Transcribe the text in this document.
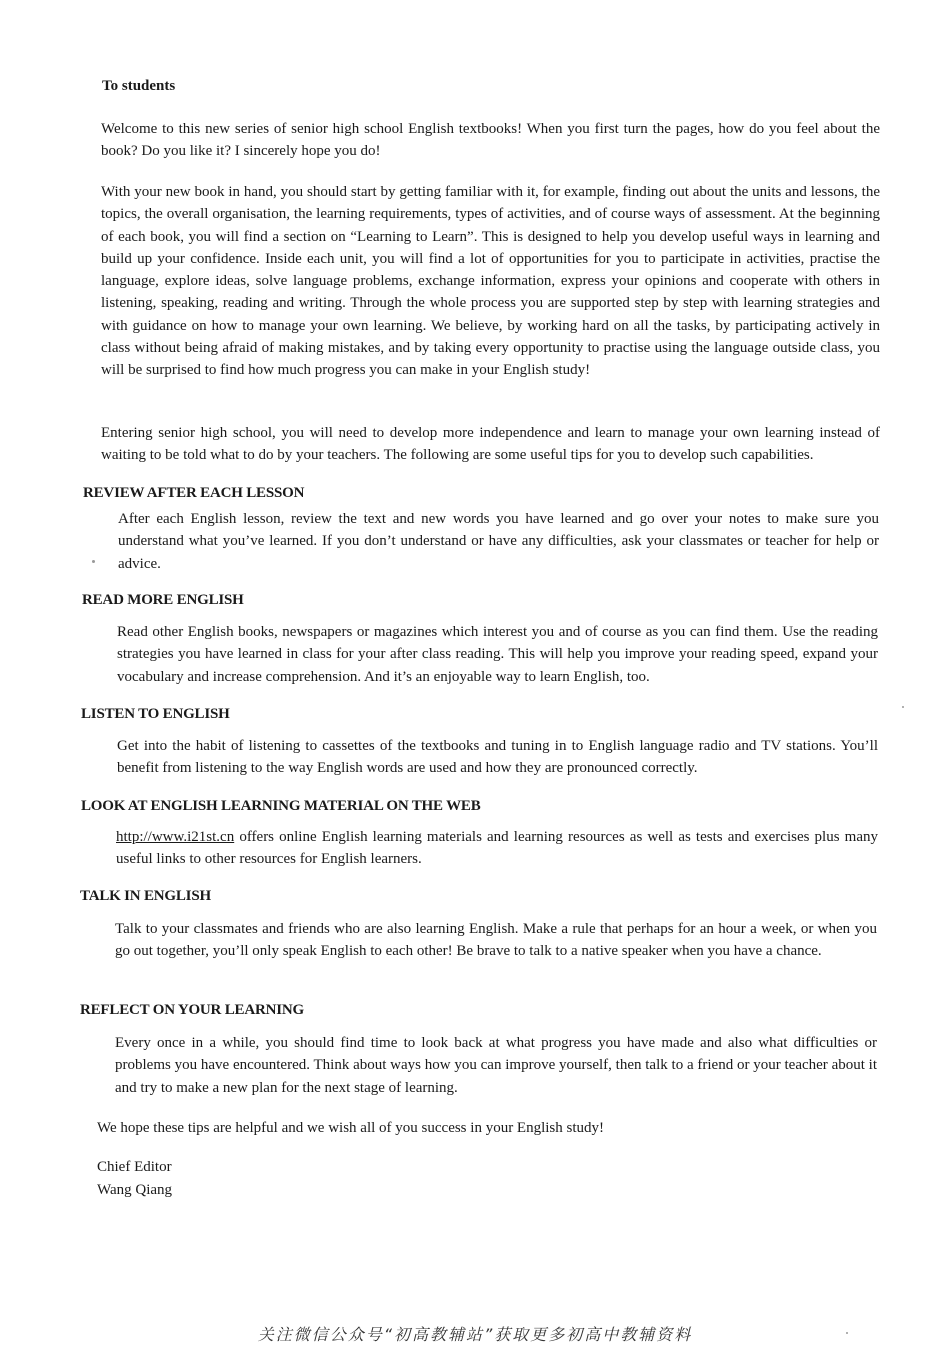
To students

Welcome to this new series of senior high school English textbooks! When you first turn the pages, how do you feel about the book? Do you like it? I sincerely hope you do!

With your new book in hand, you should start by getting familiar with it, for example, finding out about the units and lessons, the topics, the overall organisation, the learning requirements, types of activities, and of course ways of assessment. At the beginning of each book, you will find a section on “Learning to Learn”. This is designed to help you develop useful ways in learning and build up your confidence. Inside each unit, you will find a lot of opportunities for you to participate in activities, practise the language, explore ideas, solve language problems, exchange information, express your opinions and cooperate with others in listening, speaking, reading and writing. Through the whole process you are supported step by step with learning strategies and with guidance on how to manage your own learning. We believe, by working hard on all the tasks, by participating actively in class without being afraid of making mistakes, and by taking every opportunity to practise using the language outside class, you will be surprised to find how much progress you can make in your English study!

Entering senior high school, you will need to develop more independence and learn to manage your own learning instead of waiting to be told what to do by your teachers. The following are some useful tips for you to develop such capabilities.

REVIEW AFTER EACH LESSON

After each English lesson, review the text and new words you have learned and go over your notes to make sure you understand what you’ve learned. If you don’t understand or have any difficulties, ask your classmates or teacher for help or advice.

READ MORE ENGLISH

Read other English books, newspapers or magazines which interest you and of course as you can find them. Use the reading strategies you have learned in class for your after class reading. This will help you improve your reading speed, expand your vocabulary and increase comprehension. And it’s an enjoyable way to learn English, too.

LISTEN TO ENGLISH

Get into the habit of listening to cassettes of the textbooks and tuning in to English language radio and TV stations. You’ll benefit from listening to the way English words are used and how they are pronounced correctly.

LOOK AT ENGLISH LEARNING MATERIAL ON THE WEB

http://www.i21st.cn offers online English learning materials and learning resources as well as tests and exercises plus many useful links to other resources for English learners.

TALK IN ENGLISH

Talk to your classmates and friends who are also learning English. Make a rule that perhaps for an hour a week, or when you go out together, you’ll only speak English to each other! Be brave to talk to a native speaker when you have a chance.

REFLECT ON YOUR LEARNING

Every once in a while, you should find time to look back at what progress you have made and also what difficulties or problems you have encountered. Think about ways how you can improve yourself, then talk to a friend or your teacher about it and try to make a new plan for the next stage of learning.

We hope these tips are helpful and we wish all of you success in your English study!

Chief Editor

Wang Qiang

关注微信公众号“初高教辅站”获取更多初高中教辅资料
